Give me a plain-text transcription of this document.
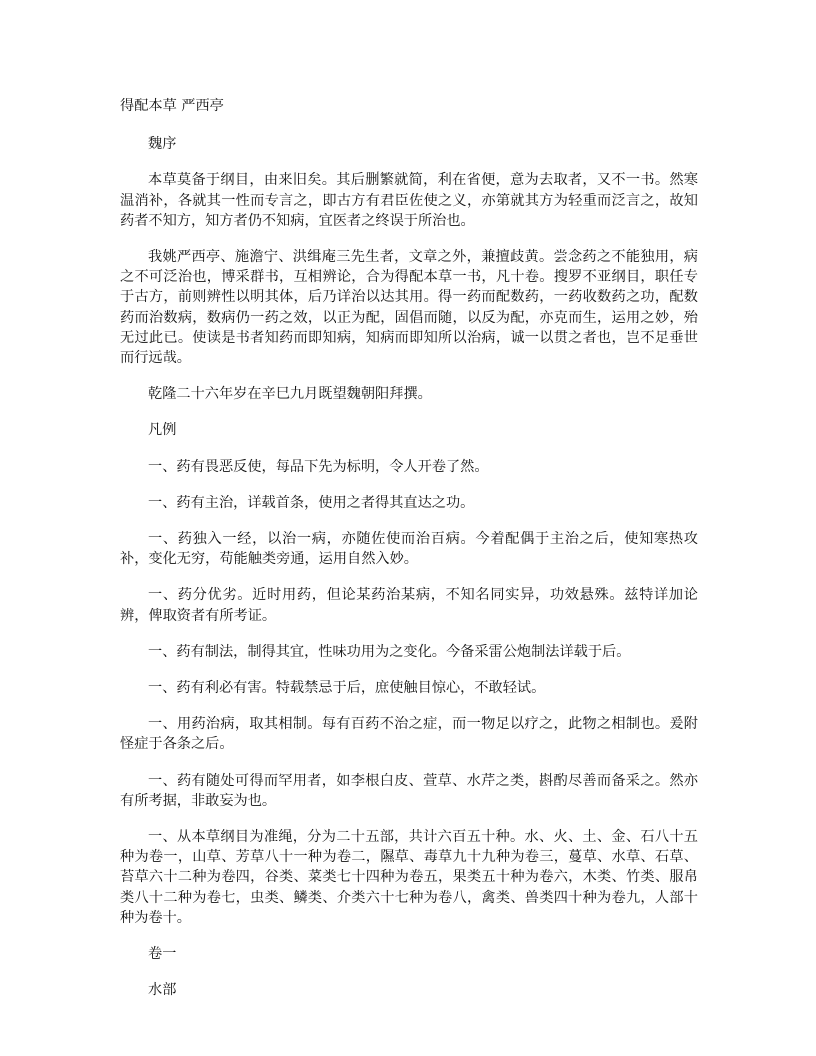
得配本草 严西亭

魏序

本草莫备于纲目，由来旧矣。其后删繁就简，利在省便，意为去取者，又不一书。然寒温消补，各就其一性而专言之，即古方有君臣佐使之义，亦第就其方为轻重而泛言之，故知药者不知方，知方者仍不知病，宜医者之终误于所治也。

我姚严西亭、施澹宁、洪缉庵三先生者，文章之外，兼擅歧黄。尝念药之不能独用，病之不可泛治也，博采群书，互相辨论，合为得配本草一书，凡十卷。搜罗不亚纲目，职任专于古方，前则辨性以明其体，后乃详治以达其用。得一药而配数药，一药收数药之功，配数药而治数病，数病仍一药之效，以正为配，固倡而随，以反为配，亦克而生，运用之妙，殆无过此已。使读是书者知药而即知病，知病而即知所以治病，诚一以贯之者也，岂不足垂世而行远哉。

乾隆二十六年岁在辛巳九月既望魏朝阳拜撰。

凡例

一、药有畏恶反使，每品下先为标明，令人开卷了然。

一、药有主治，详载首条，使用之者得其直达之功。

一、药独入一经，以治一病，亦随佐使而治百病。今着配偶于主治之后，使知寒热攻补，变化无穷，苟能触类旁通，运用自然入妙。

一、药分优劣。近时用药，但论某药治某病，不知名同实异，功效悬殊。兹特详加论辨，俾取资者有所考证。

一、药有制法，制得其宜，性味功用为之变化。今备采雷公炮制法详载于后。

一、药有利必有害。特载禁忌于后，庶使触目惊心，不敢轻试。

一、用药治病，取其相制。每有百药不治之症，而一物足以疗之，此物之相制也。爰附怪症于各条之后。

一、药有随处可得而罕用者，如李根白皮、萱草、水芹之类，斟酌尽善而备采之。然亦有所考据，非敢妄为也。

一、从本草纲目为准绳，分为二十五部，共计六百五十种。水、火、土、金、石八十五种为卷一，山草、芳草八十一种为卷二，隰草、毒草九十九种为卷三，蔓草、水草、石草、苔草六十二种为卷四，谷类、菜类七十四种为卷五，果类五十种为卷六，木类、竹类、服帛类八十二种为卷七，虫类、鳞类、介类六十七种为卷八，禽类、兽类四十种为卷九，人部十种为卷十。

卷一

水部
